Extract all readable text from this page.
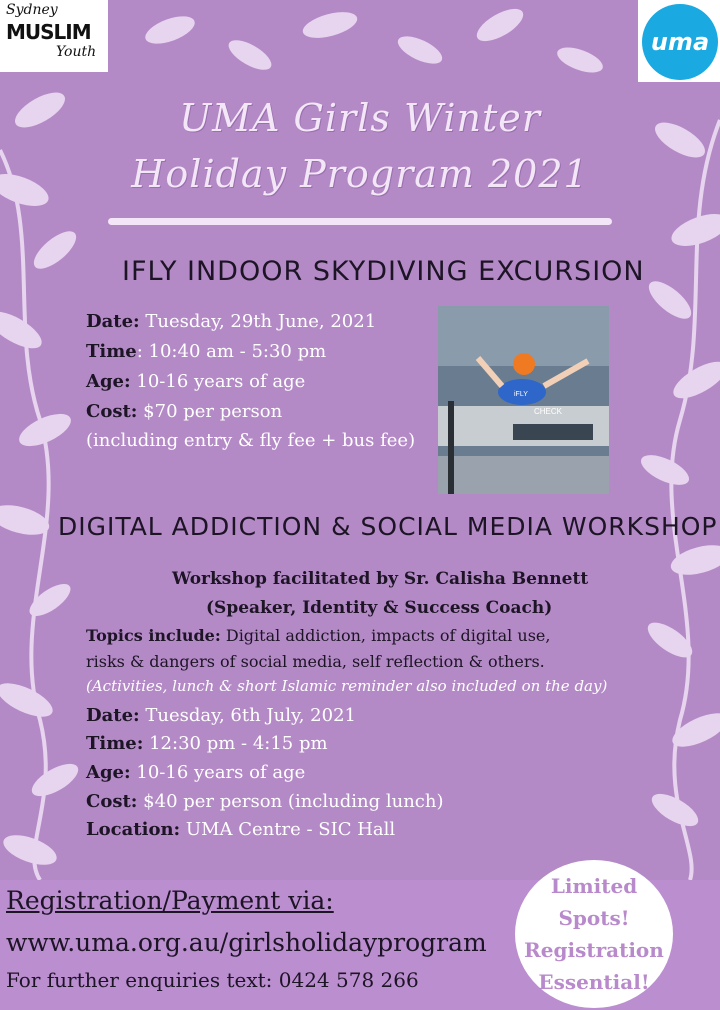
Sydney
MUSLIM
Youth	uma
UMA Girls Winter
Holiday Program 2021
IFLY INDOOR SKYDIVING EXCURSION
Date: Tuesday, 29th June, 2021
Time: 10:40 am - 5:30 pm
Age: 10-16 years of age
Cost: $70 per person
(including entry & fly fee + bus fee)
CHECK
iFLY
DIGITAL ADDICTION & SOCIAL MEDIA WORKSHOP
Workshop facilitated by Sr. Calisha Bennett
(Speaker, Identity & Success Coach)
Topics include: Digital addiction, impacts of digital use,
risks & dangers of social media, self reflection & others.
(Activities, lunch & short Islamic reminder also included on the day)
Date: Tuesday, 6th July, 2021
Time: 12:30 pm - 4:15 pm
Age: 10-16 years of age
Cost: $40 per person (including lunch)
Location: UMA Centre - SIC Hall
Registration/Payment via:
www.uma.org.au/girlsholidayprogram
For further enquiries text: 0424 578 266
Limited
Spots!
Registration
Essential!
